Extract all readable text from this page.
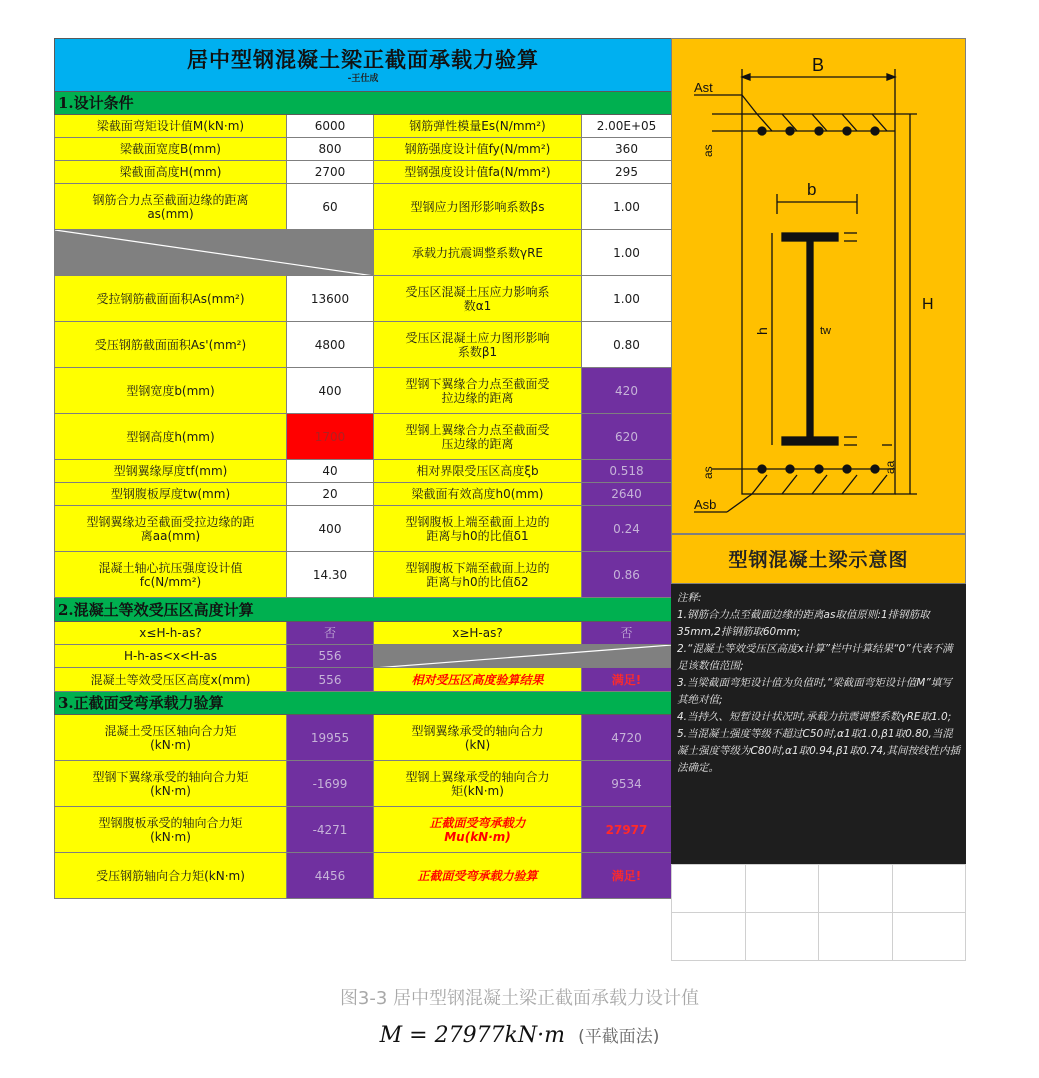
居中型钢混凝土梁正截面承载力验算
-王仕成			

1.设计条件			
梁截面弯矩设计值M(kN·m)	6000	钢筋弹性模量Es(N/mm²)	2.00E+05
梁截面宽度B(mm)	800	钢筋强度设计值fy(N/mm²)	360
梁截面高度H(mm)	2700	型钢强度设计值fa(N/mm²)	295
钢筋合力点至截面边缘的距离
as(mm)	60	型钢应力图形影响系数βs	1.00

	承载力抗震调整系数γRE	1.00
受拉钢筋截面面积As(mm²)	13600	受压区混凝土压应力影响系
数α1	1.00
受压钢筋截面面积As'(mm²)	4800	受压区混凝土应力图形影响
系数β1	0.80
型钢宽度b(mm)	400	型钢下翼缘合力点至截面受
拉边缘的距离	420
型钢高度h(mm)	1700	型钢上翼缘合力点至截面受
压边缘的距离	620
型钢翼缘厚度tf(mm)	40	相对界限受压区高度ξb	0.518
型钢腹板厚度tw(mm)	20	梁截面有效高度h0(mm)	2640
型钢翼缘边至截面受拉边缘的距
离aa(mm)	400	型钢腹板上端至截面上边的
距离与h0的比值δ1	0.24
混凝土轴心抗压强度设计值
fc(N/mm²)	14.30	型钢腹板下端至截面上边的
距离与h0的比值δ2	0.86
2.混凝土等效受压区高度计算			
x≤H-h-as?	否	x≥H-as?	否
H-h-as<x<H-as	556	

混凝土等效受压区高度x(mm)	556	相对受压区高度验算结果	满足!
3.正截面受弯承载力验算			
混凝土受压区轴向合力矩
(kN·m)	19955	型钢翼缘承受的轴向合力
(kN)	4720
型钢下翼缘承受的轴向合力矩
(kN·m)	-1699	型钢上翼缘承受的轴向合力
矩(kN·m)	9534
型钢腹板承受的轴向合力矩
(kN·m)	-4271	正截面受弯承载力
Mu(kN·m)	27977
受压钢筋轴向合力矩(kN·m)	4456	正截面受弯承载力验算	满足!
B
Ast
as
b
h	tw
H
as	aa
Asb
型钢混凝土梁示意图

注释:

1.钢筋合力点至截面边缘的距离as取值原则:1排钢筋取35mm,2排钢筋取60mm;

2.“混凝土等效受压区高度x计算”栏中计算结果“0”代表不满足该数值范围;

3.当梁截面弯矩设计值为负值时,“梁截面弯矩设计值M”填写其绝对值;

4.当持久、短暂设计状况时,承载力抗震调整系数γRE取1.0;

5.当混凝土强度等级不超过C50时,α1取1.0,β1取0.80,当混凝土强度等级为C80时,α1取0.94,β1取0.74,其间按线性内插法确定。

图3-3 居中型钢混凝土梁正截面承载力设计值
M = 27977kN·m (平截面法)
